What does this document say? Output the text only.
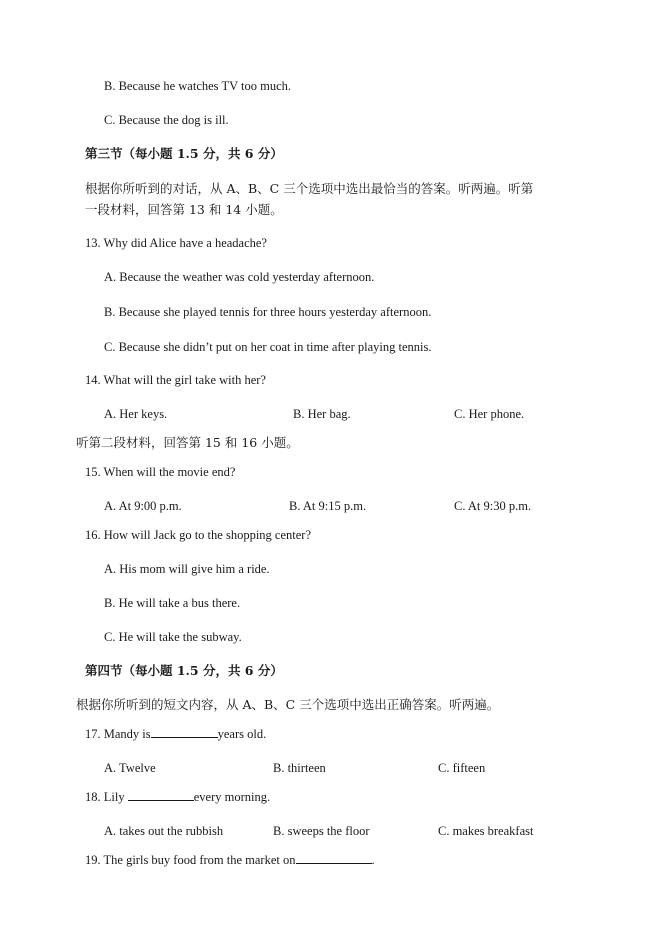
B. Because he watches TV too much.
C. Because the dog is ill.
第三节（每小题 1.5 分，共 6 分）
根据你所听到的对话，从 A、B、C 三个选项中选出最恰当的答案。听两遍。听第
一段材料，回答第 13 和 14 小题。
13. Why did Alice have a headache?
A. Because the weather was cold yesterday afternoon.
B. Because she played tennis for three hours yesterday afternoon.
C. Because she didn’t put on her coat in time after playing tennis.
14. What will the girl take with her?
A. Her keys.	B. Her bag.	C. Her phone.
听第二段材料，回答第 15 和 16 小题。
15. When will the movie end?
A. At 9:00 p.m.	B. At 9:15 p.m.	C. At 9:30 p.m.
16. How will Jack go to the shopping center?
A. His mom will give him a ride.
B. He will take a bus there.
C. He will take the subway.
第四节（每小题 1.5 分，共 6 分）
根据你所听到的短文内容，从 A、B、C 三个选项中选出正确答案。听两遍。
17. Mandy is	years old.
A. Twelve	B. thirteen	C. fifteen
18. Lily	every morning.
A. takes out the rubbish	B. sweeps the floor	C. makes breakfast
19. The girls buy food from the market on	.
